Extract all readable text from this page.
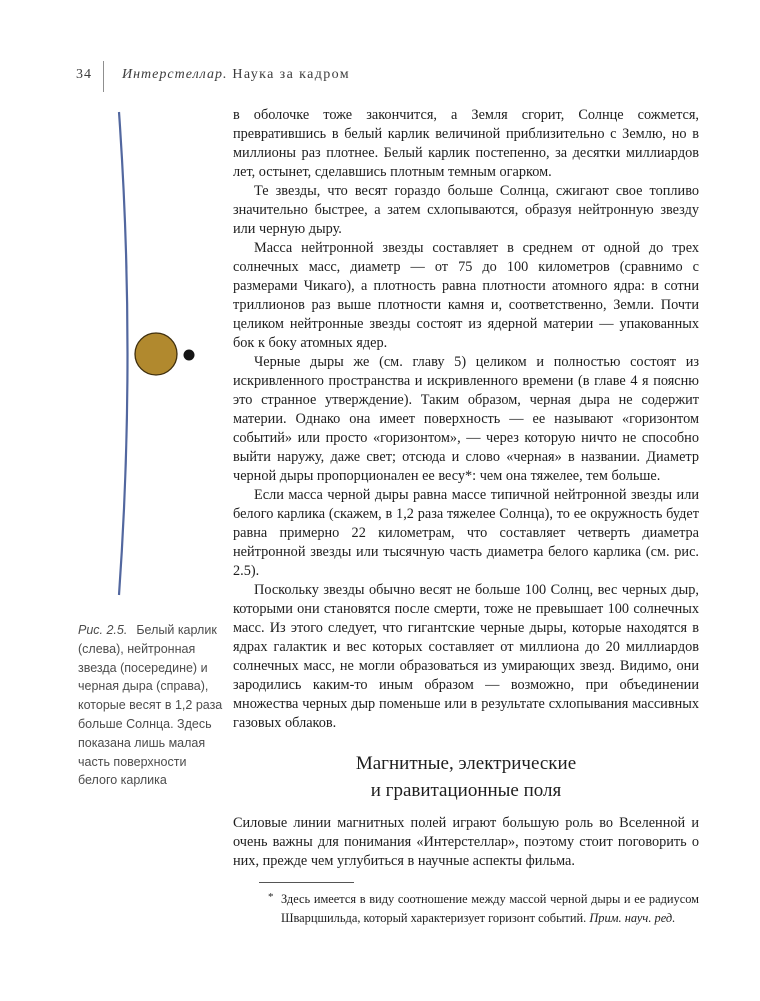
34 Интерстеллар. Наука за кадром
Рис. 2.5. Белый карлик (слева), нейтронная звезда (посередине) и черная дыра (справа), которые весят в 1,2 раза больше Солнца. Здесь показана лишь малая часть поверхности белого карлика

в оболочке тоже закончится, а Земля сгорит, Солнце сожмется, превратившись в белый карлик величиной приблизительно с Землю, но в миллионы раз плотнее. Белый карлик постепенно, за десятки миллиардов лет, остынет, сделавшись плотным темным огарком.

Те звезды, что весят гораздо больше Солнца, сжигают свое топливо значительно быстрее, а затем схлопываются, образуя нейтронную звезду или черную дыру.

Масса нейтронной звезды составляет в среднем от одной до трех солнечных масс, диаметр — от 75 до 100 километров (сравнимо с размерами Чикаго), а плотность равна плотности атомного ядра: в сотни триллионов раз выше плотности камня и, соответственно, Земли. Почти целиком нейтронные звезды состоят из ядерной материи — упакованных бок к боку атомных ядер.

Черные дыры же (см. главу 5) целиком и полностью состоят из искривленного пространства и искривленного времени (в главе 4 я поясню это странное утверждение). Таким образом, черная дыра не содержит материи. Однако она имеет поверхность — ее называют «горизонтом событий» или просто «горизонтом», — через которую ничто не способно выйти наружу, даже свет; отсюда и слово «черная» в названии. Диаметр черной дыры пропорционален ее весу*: чем она тяжелее, тем больше.

Если масса черной дыры равна массе типичной нейтронной звезды или белого карлика (скажем, в 1,2 раза тяжелее Солнца), то ее окружность будет равна примерно 22 километрам, что составляет четверть диаметра нейтронной звезды или тысячную часть диаметра белого карлика (см. рис. 2.5).

Поскольку звезды обычно весят не больше 100 Солнц, вес черных дыр, которыми они становятся после смерти, тоже не превышает 100 солнечных масс. Из этого следует, что гигантские черные дыры, которые находятся в ядрах галактик и вес которых составляет от миллиона до 20 миллиардов солнечных масс, не могли образоваться из умирающих звезд. Видимо, они зародились каким-то иным образом — возможно, при объединении множества черных дыр поменьше или в результате схлопывания массивных газовых облаков.

Магнитные, электрические
и гравитационные поля

Силовые линии магнитных полей играют большую роль во Вселенной и очень важны для понимания «Интерстеллар», поэтому стоит поговорить о них, прежде чем углубиться в научные аспекты фильма.

* Здесь имеется в виду соотношение между массой черной дыры и ее радиусом Шварцшильда, который характеризует горизонт событий. Прим. науч. ред.
